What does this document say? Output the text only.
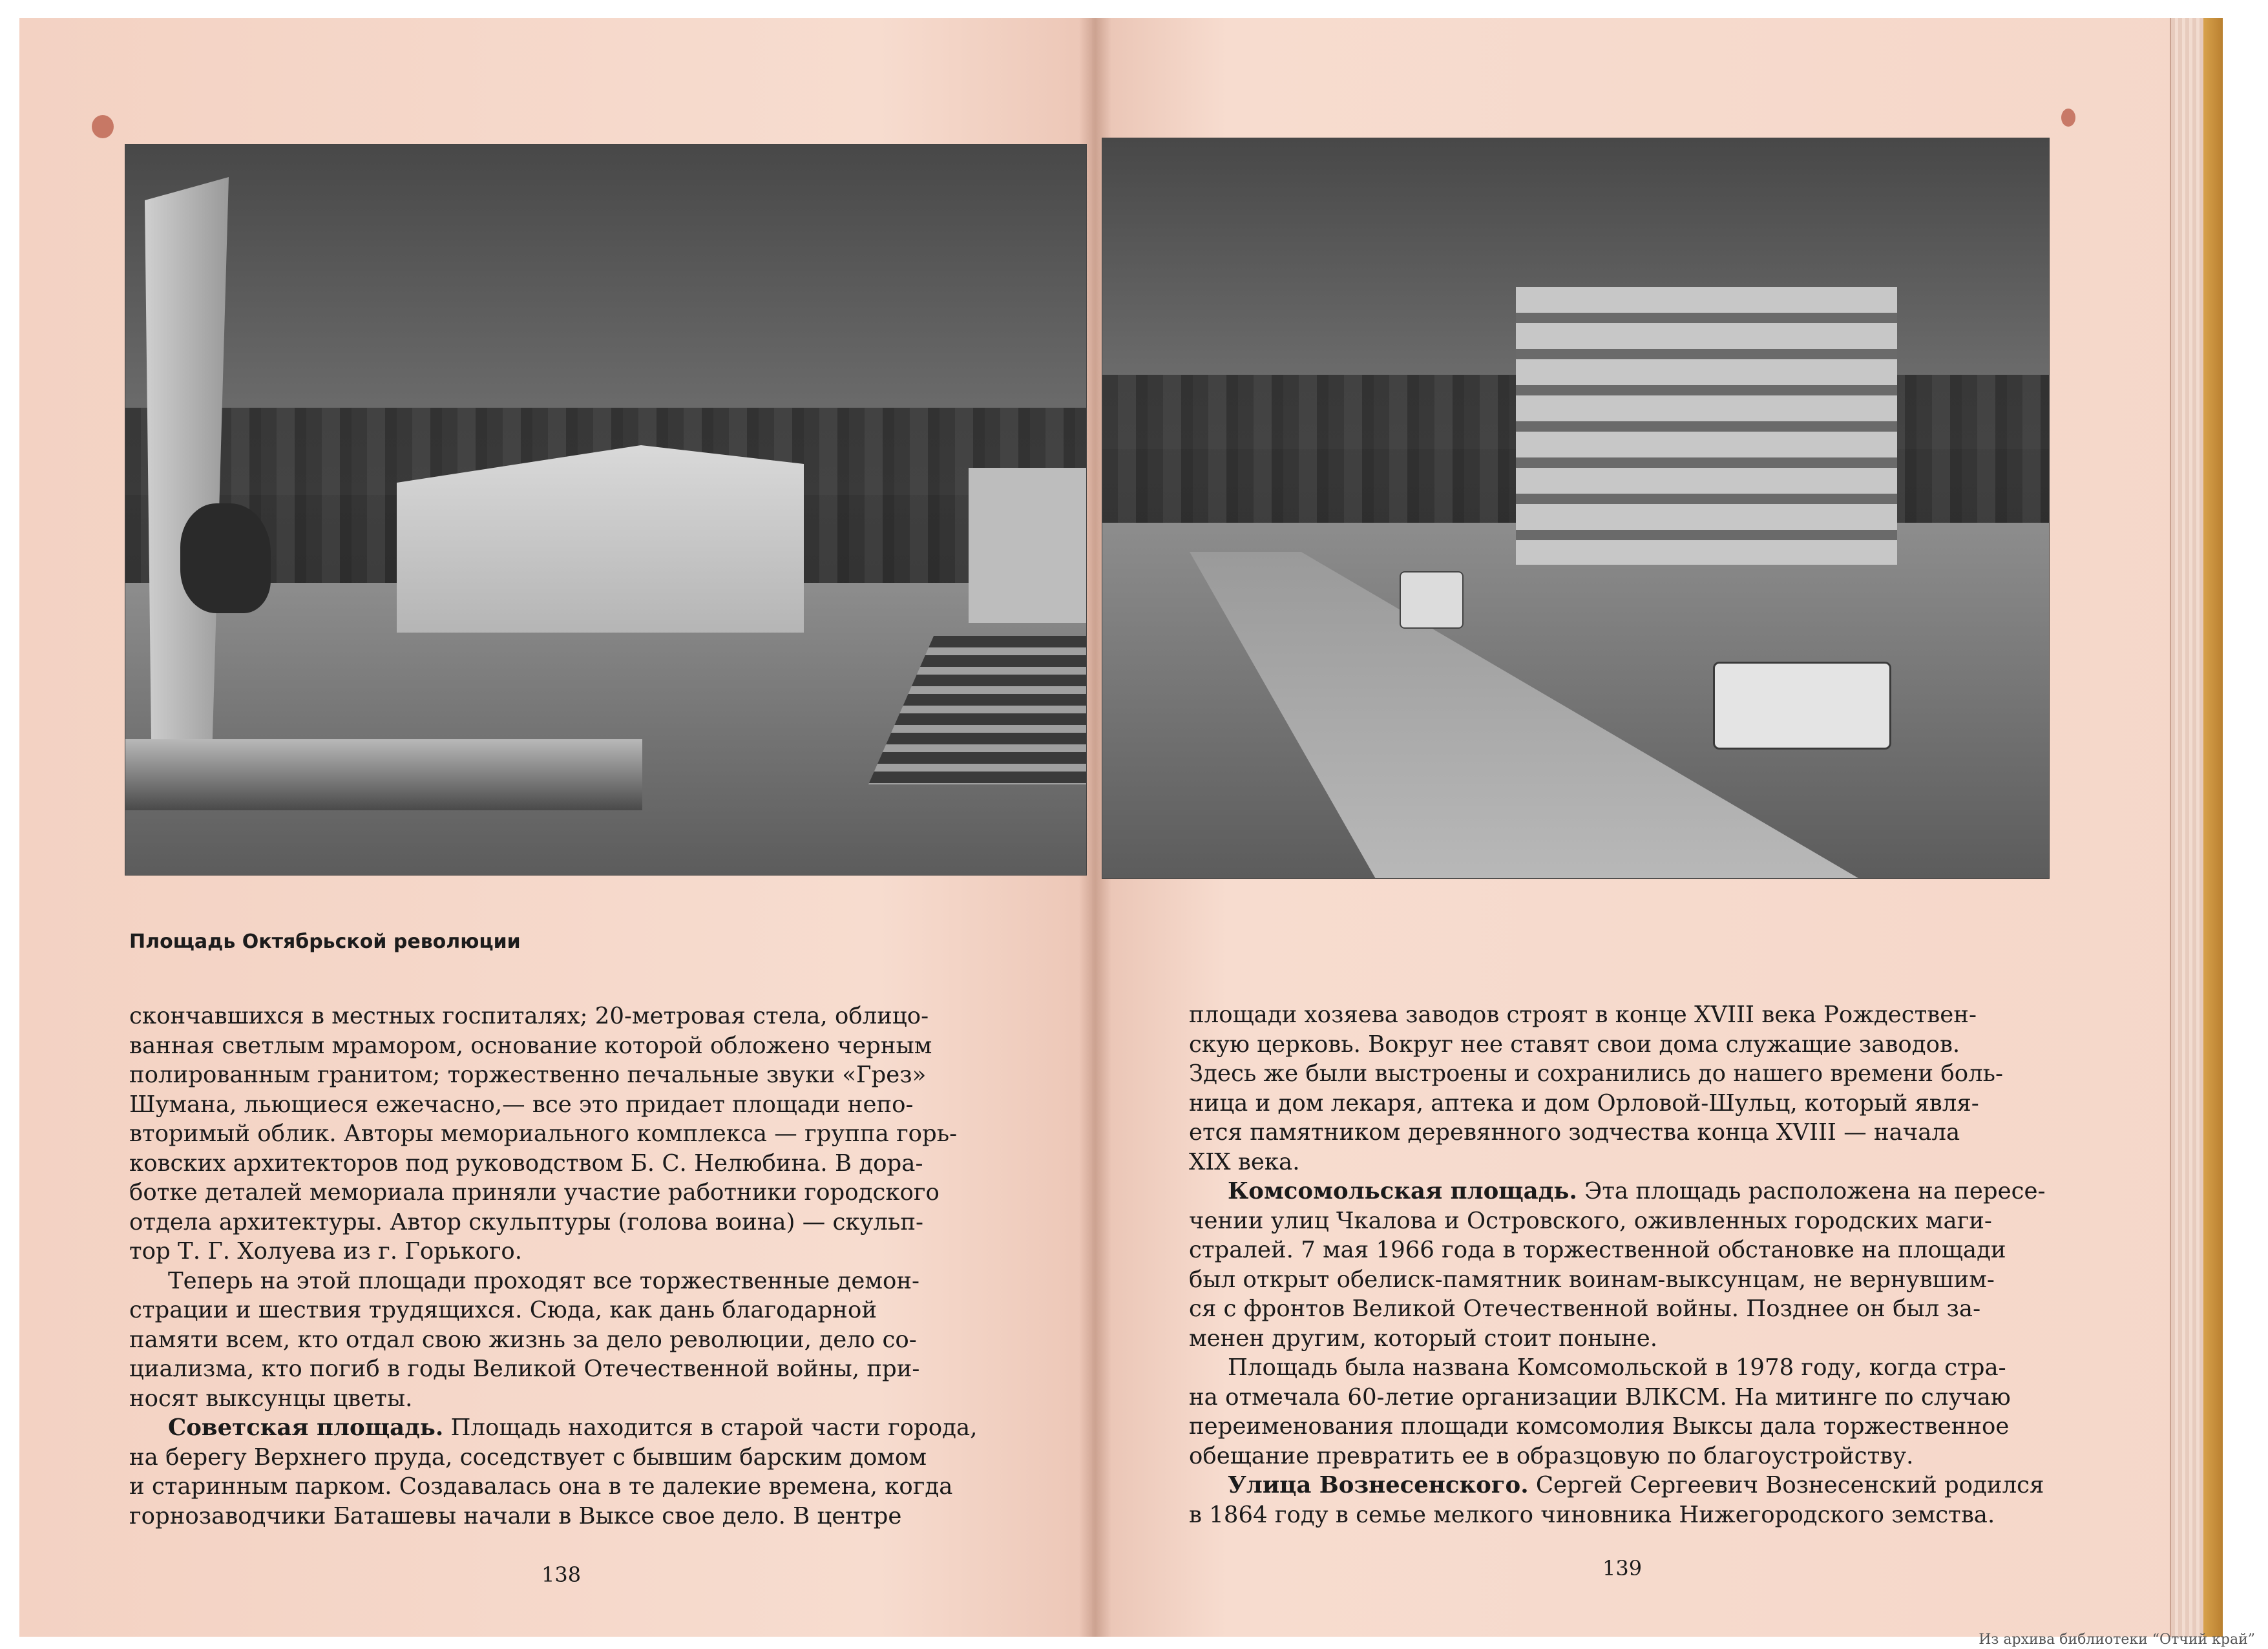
Площадь Октябрьской революции

скончавшихся в местных госпиталях; 20-метровая стела, облицо-

ванная светлым мрамором, основание которой обложено черным

полированным гранитом; торжественно печальные звуки «Грез»

Шумана, льющиеся ежечасно,— все это придает площади непо-

вторимый облик. Авторы мемориального комплекса — группа горь-

ковских архитекторов под руководством Б. С. Нелюбина. В дора-

ботке деталей мемориала приняли участие работники городского

отдела архитектуры. Автор скульптуры (голова воина) — скульп-

тор Т. Г. Холуева из г. Горького.

Теперь на этой площади проходят все торжественные демон-

страции и шествия трудящихся. Сюда, как дань благодарной

памяти всем, кто отдал свою жизнь за дело революции, дело со-

циализма, кто погиб в годы Великой Отечественной войны, при-

носят выксунцы цветы.

Советская площадь. Площадь находится в старой части города,

на берегу Верхнего пруда, соседствует с бывшим барским домом

и старинным парком. Создавалась она в те далекие времена, когда

горнозаводчики Баташевы начали в Выксе свое дело. В центре

138

площади хозяева заводов строят в конце XVIII века Рождествен-

скую церковь. Вокруг нее ставят свои дома служащие заводов.

Здесь же были выстроены и сохранились до нашего времени боль-

ница и дом лекаря, аптека и дом Орловой-Шульц, который явля-

ется памятником деревянного зодчества конца XVIII — начала

XIX века.

Комсомольская площадь. Эта площадь расположена на пересе-

чении улиц Чкалова и Островского, оживленных городских маги-

стралей. 7 мая 1966 года в торжественной обстановке на площади

был открыт обелиск-памятник воинам-выксунцам, не вернувшим-

ся с фронтов Великой Отечественной войны. Позднее он был за-

менен другим, который стоит поныне.

Площадь была названа Комсомольской в 1978 году, когда стра-

на отмечала 60-летие организации ВЛКСМ. На митинге по случаю

переименования площади комсомолия Выксы дала торжественное

обещание превратить ее в образцовую по благоустройству.

Улица Вознесенского. Сергей Сергеевич Вознесенский родился

в 1864 году в семье мелкого чиновника Нижегородского земства.

139
Из архива библиотеки “Отчий край”
